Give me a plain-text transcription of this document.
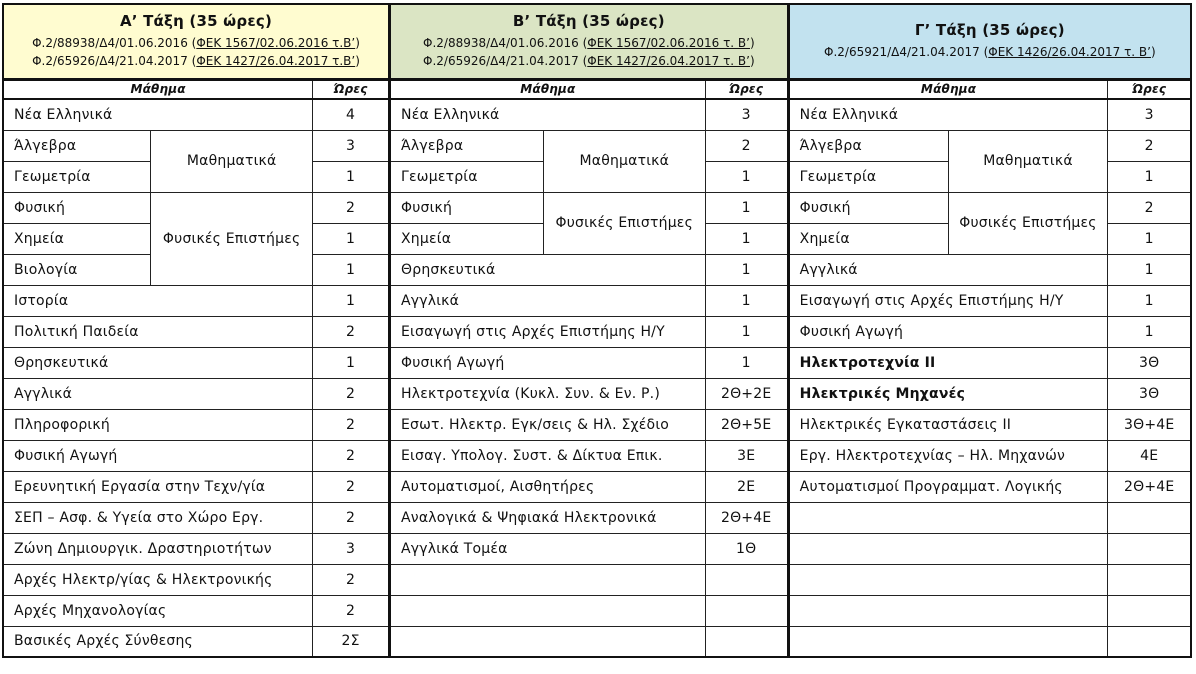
Α’ Τάξη (35 ώρες)
Φ.2/88938/Δ4/01.06.2016 (ΦΕΚ 1567/02.06.2016 τ.Β’)
Φ.2/65926/Δ4/21.04.2017 (ΦΕΚ 1427/26.04.2017 τ.Β’)			Β’ Τάξη (35 ώρες)
Φ.2/88938/Δ4/01.06.2016 (ΦΕΚ 1567/02.06.2016 τ. Β’)
Φ.2/65926/Δ4/21.04.2017 (ΦΕΚ 1427/26.04.2017 τ. Β’)			Γ’ Τάξη (35 ώρες)
Φ.2/65921/Δ4/21.04.2017 (ΦΕΚ 1426/26.04.2017 τ. Β’)		

Μάθημα		Ώρες	Μάθημα		Ώρες	Μάθημα		Ώρες
Νέα Ελληνικά		4	Νέα Ελληνικά		3	Νέα Ελληνικά		3
Άλγεβρα	Μαθηματικά	3	Άλγεβρα	Μαθηματικά	2	Άλγεβρα	Μαθηματικά	2
Γεωμετρία		1	Γεωμετρία		1	Γεωμετρία		1
Φυσική	Φυσικές Επιστήμες	2	Φυσική	Φυσικές Επιστήμες	1	Φυσική	Φυσικές Επιστήμες	2
Χημεία		1	Χημεία		1	Χημεία		1
Βιολογία		1	Θρησκευτικά		1	Αγγλικά		1
Ιστορία		1	Αγγλικά		1	Εισαγωγή στις Αρχές Επιστήμης Η/Υ		1
Πολιτική Παιδεία		2	Εισαγωγή στις Αρχές Επιστήμης Η/Υ		1	Φυσική Αγωγή		1
Θρησκευτικά		1	Φυσική Αγωγή		1	Ηλεκτροτεχνία ΙΙ		3Θ
Αγγλικά		2	Ηλεκτροτεχνία (Κυκλ. Συν. & Εν. Ρ.)		2Θ+2Ε	Ηλεκτρικές Μηχανές		3Θ
Πληροφορική		2	Εσωτ. Ηλεκτρ. Εγκ/σεις & Ηλ. Σχέδιο		2Θ+5Ε	Ηλεκτρικές Εγκαταστάσεις ΙΙ		3Θ+4Ε
Φυσική Αγωγή		2	Εισαγ. Υπολογ. Συστ. & Δίκτυα Επικ.		3Ε	Εργ. Ηλεκτροτεχνίας – Ηλ. Μηχανών		4Ε
Ερευνητική Εργασία στην Τεχν/γία		2	Αυτοματισμοί, Αισθητήρες		2Ε	Αυτοματισμοί Προγραμματ. Λογικής		2Θ+4Ε
ΣΕΠ – Ασφ. & Υγεία στο Χώρο Εργ.		2	Αναλογικά & Ψηφιακά Ηλεκτρονικά		2Θ+4Ε			
Ζώνη Δημιουργικ. Δραστηριοτήτων		3	Αγγλικά Τομέα		1Θ			
Αρχές Ηλεκτρ/γίας & Ηλεκτρονικής		2						
Αρχές Μηχανολογίας		2						
Βασικές Αρχές Σύνθεσης		2Σ						
